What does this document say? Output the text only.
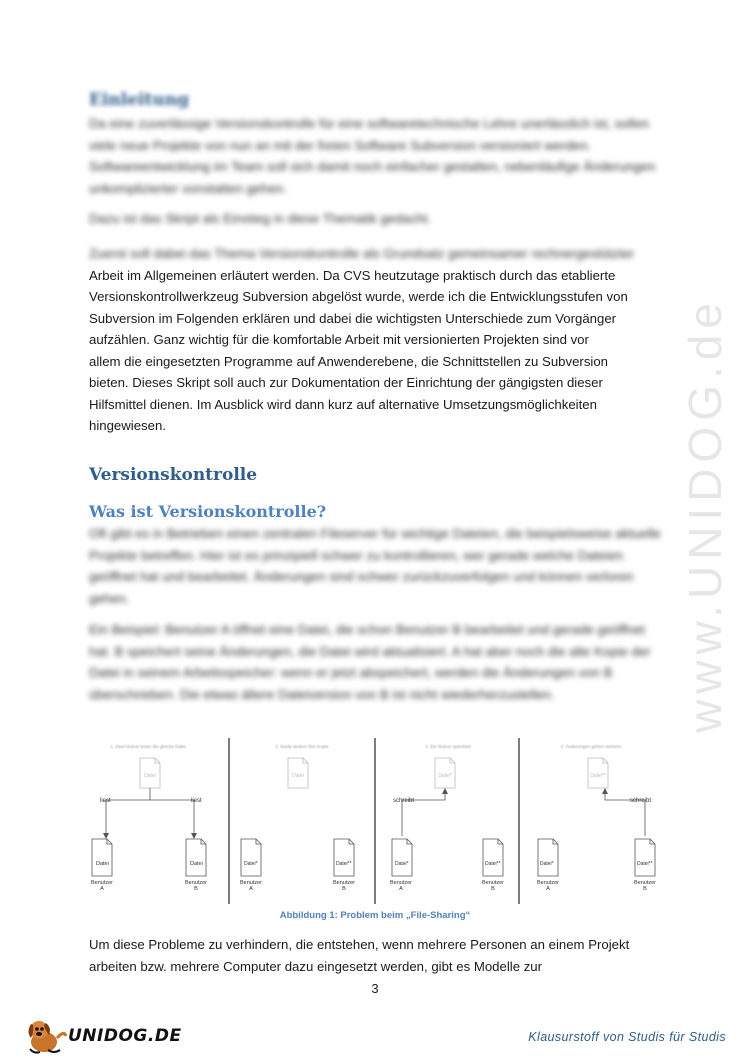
www.UNIDOG.de
Einleitung

Da eine zuverlässige Versionskontrolle für eine softwaretechnische Lehre unerlässlich ist, sollen viele neue Projekte von nun an mit der freien Software Subversion versioniert werden. Softwareentwicklung im Team soll sich damit noch einfacher gestalten, nebenläufige Änderungen unkomplizierter vonstatten gehen.

Dazu ist das Skript als Einstieg in diese Thematik gedacht.

Zuerst soll dabei das Thema Versionskontrolle als Grundsatz gemeinsamer rechnergestützter
Arbeit im Allgemeinen erläutert werden. Da CVS heutzutage praktisch durch das etablierte
Versionskontrollwerkzeug Subversion abgelöst wurde, werde ich die Entwicklungsstufen von
Subversion im Folgenden erklären und dabei die wichtigsten Unterschiede zum Vorgänger
aufzählen. Ganz wichtig für die komfortable Arbeit mit versionierten Projekten sind vor
allem die eingesetzten Programme auf Anwenderebene, die Schnittstellen zu Subversion
bieten. Dieses Skript soll auch zur Dokumentation der Einrichtung der gängigsten dieser
Hilfsmittel dienen. Im Ausblick wird dann kurz auf alternative Umsetzungsmöglichkeiten
hingewiesen.
Versionskontrolle
Was ist Versionskontrolle?

Oft gibt es in Betrieben einen zentralen Fileserver für wichtige Dateien, die beispielsweise aktuelle Projekte betreffen. Hier ist es prinzipiell schwer zu kontrollieren, wer gerade welche Dateien geöffnet hat und bearbeitet. Änderungen sind schwer zurückzuverfolgen und können verloren gehen.

Ein Beispiel: Benutzer A öffnet eine Datei, die schon Benutzer B bearbeitet und gerade geöffnet hat. B speichert seine Änderungen, die Datei wird aktualisiert. A hat aber noch die alte Kopie der Datei in seinem Arbeitsspeicher: wenn er jetzt abspeichert, werden die Änderungen von B überschrieben. Die etwas ältere Dateiversion von B ist nicht wiederherzustellen.

1. Zwei Nutzer lesen die gleiche Datei
Datei
liest	liest
Datei	Datei
Benutzer A
Benutzer B
2. Beide ändern ihre Kopie
Datei
Datei*	Datei**
Benutzer A
Benutzer B
3. Ein Nutzer speichert
Datei*
schreibt
Datei*	Datei**
Benutzer A
Benutzer B
4. Änderungen gehen verloren
Datei**
schreibt
Datei*	Datei**
Benutzer A
Benutzer B
Abbildung 1: Problem beim „File-Sharing“
Um diese Probleme zu verhindern, die entstehen, wenn mehrere Personen an einem Projekt
arbeiten bzw. mehrere Computer dazu eingesetzt werden, gibt es Modelle zur
3
UNIDOG.DE	Klausurstoff von Studis für Studis
